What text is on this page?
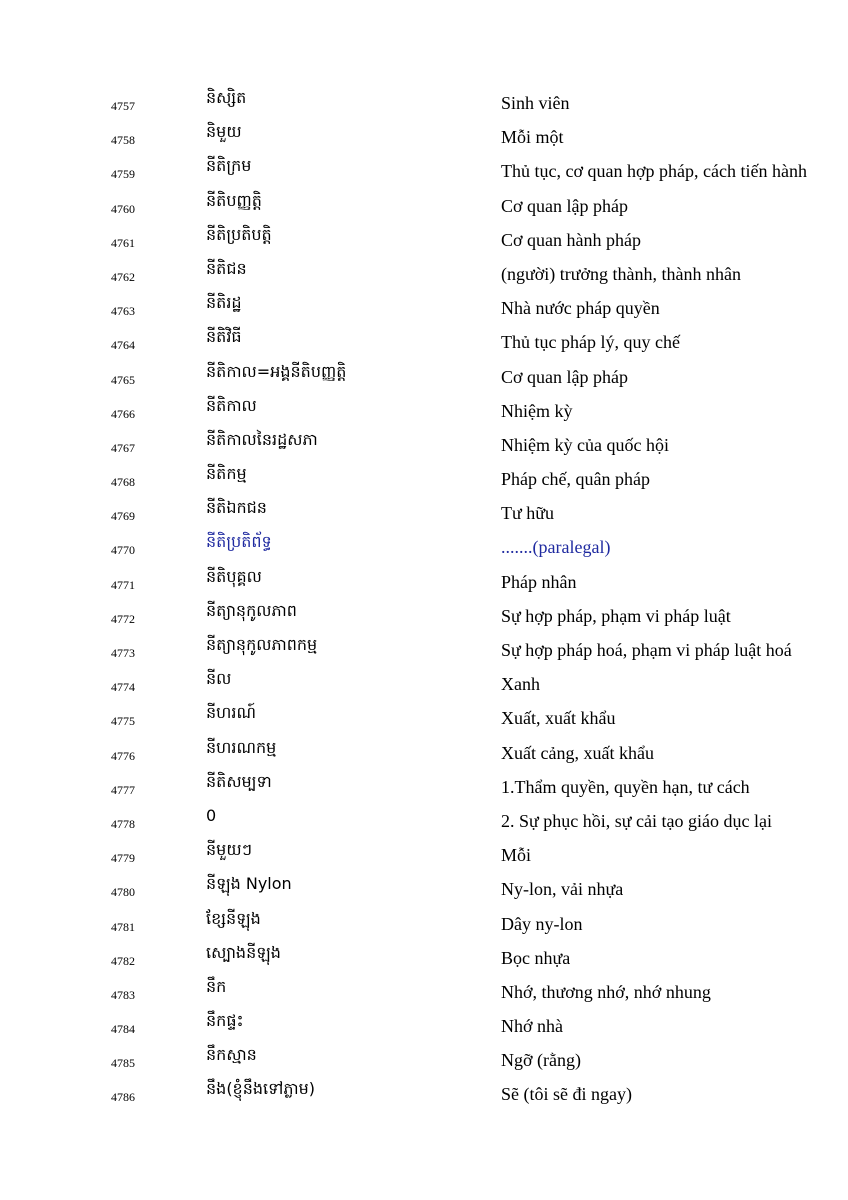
4757	និស្សិត	Sinh viên
4758	និមួយ	Mỗi một
4759	នីតិក្រម	Thủ tục, cơ quan hợp pháp, cách tiến hành
4760	នីតិបញ្ញត្តិ	Cơ quan lập pháp
4761	នីតិប្រតិបត្តិ	Cơ quan hành pháp
4762	នីតិជន	(người) trưởng thành, thành nhân
4763	នីតិរដ្ឋ	Nhà nước pháp quyền
4764	នីតិវិធី	Thủ tục pháp lý, quy chế
4765	នីតិកាល=អង្គនីតិបញ្ញត្តិ	Cơ quan lập pháp
4766	នីតិកាល	Nhiệm kỳ
4767	នីតិកាលនៃរដ្ឋសភា	Nhiệm kỳ của quốc hội
4768	នីតិកម្ម	Pháp chế, quân pháp
4769	នីតិឯកជន	Tư hữu
4770	នីតិប្រតិព័ទ្ធ	.......(paralegal)
4771	នីតិបុគ្គល	Pháp nhân
4772	នីត្យានុកូលភាព	Sự hợp pháp, phạm vi pháp luật
4773	នីត្យានុកូលភាពកម្ម	Sự hợp pháp hoá, phạm vi pháp luật hoá
4774	នីល	Xanh
4775	នីហរណ៍	Xuất, xuất khẩu
4776	នីហរណកម្ម	Xuất cảng, xuất khẩu
4777	នីតិសម្បទា	1.Thẩm quyền, quyền hạn, tư cách
4778	0	2. Sự phục hồi, sự cải tạo giáo dục lại
4779	នីមួយៗ	Mỗi
4780	នីឡុង Nylon	Ny-lon, vải nhựa
4781	ខ្សែនីឡុង	Dây ny-lon
4782	ស្បោងនីឡុង	Bọc nhựa
4783	នឹក	Nhớ, thương nhớ, nhớ nhung
4784	នឹកផ្ទះ	Nhớ nhà
4785	នឹកស្មាន	Ngỡ (rằng)
4786	នឹង(ខ្ញុំនឹងទៅភ្លាម)	Sẽ (tôi sẽ đi ngay)
